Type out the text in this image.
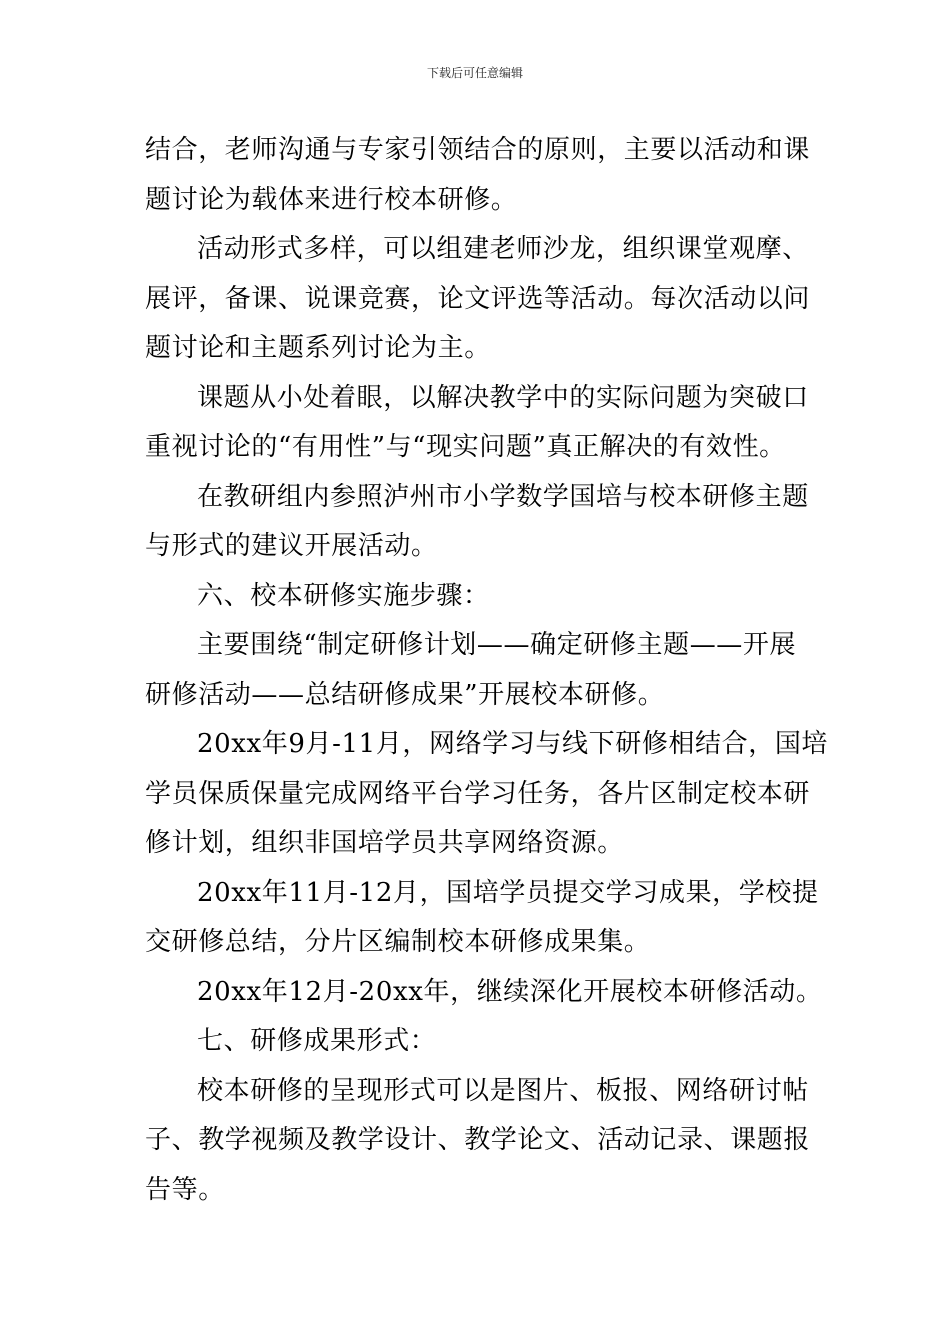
下载后可任意编辑

结合，老师沟通与专家引领结合的原则，主要以活动和课
题讨论为载体来进行校本研修。

活动形式多样，可以组建老师沙龙，组织课堂观摩、
展评，备课、说课竞赛，论文评选等活动。每次活动以问
题讨论和主题系列讨论为主。

课题从小处着眼，以解决教学中的实际问题为突破口
重视讨论的“有用性”与“现实问题”真正解决的有效性。

在教研组内参照泸州市小学数学国培与校本研修主题
与形式的建议开展活动。

六、校本研修实施步骤：

主要围绕“制定研修计划——确定研修主题——开展
研修活动——总结研修成果”开展校本研修。

20xx年9月-11月，网络学习与线下研修相结合，国培
学员保质保量完成网络平台学习任务，各片区制定校本研
修计划，组织非国培学员共享网络资源。

20xx年11月-12月，国培学员提交学习成果，学校提
交研修总结，分片区编制校本研修成果集。

20xx年12月-20xx年，继续深化开展校本研修活动。

七、研修成果形式：

校本研修的呈现形式可以是图片、板报、网络研讨帖
子、教学视频及教学设计、教学论文、活动记录、课题报
告等。
